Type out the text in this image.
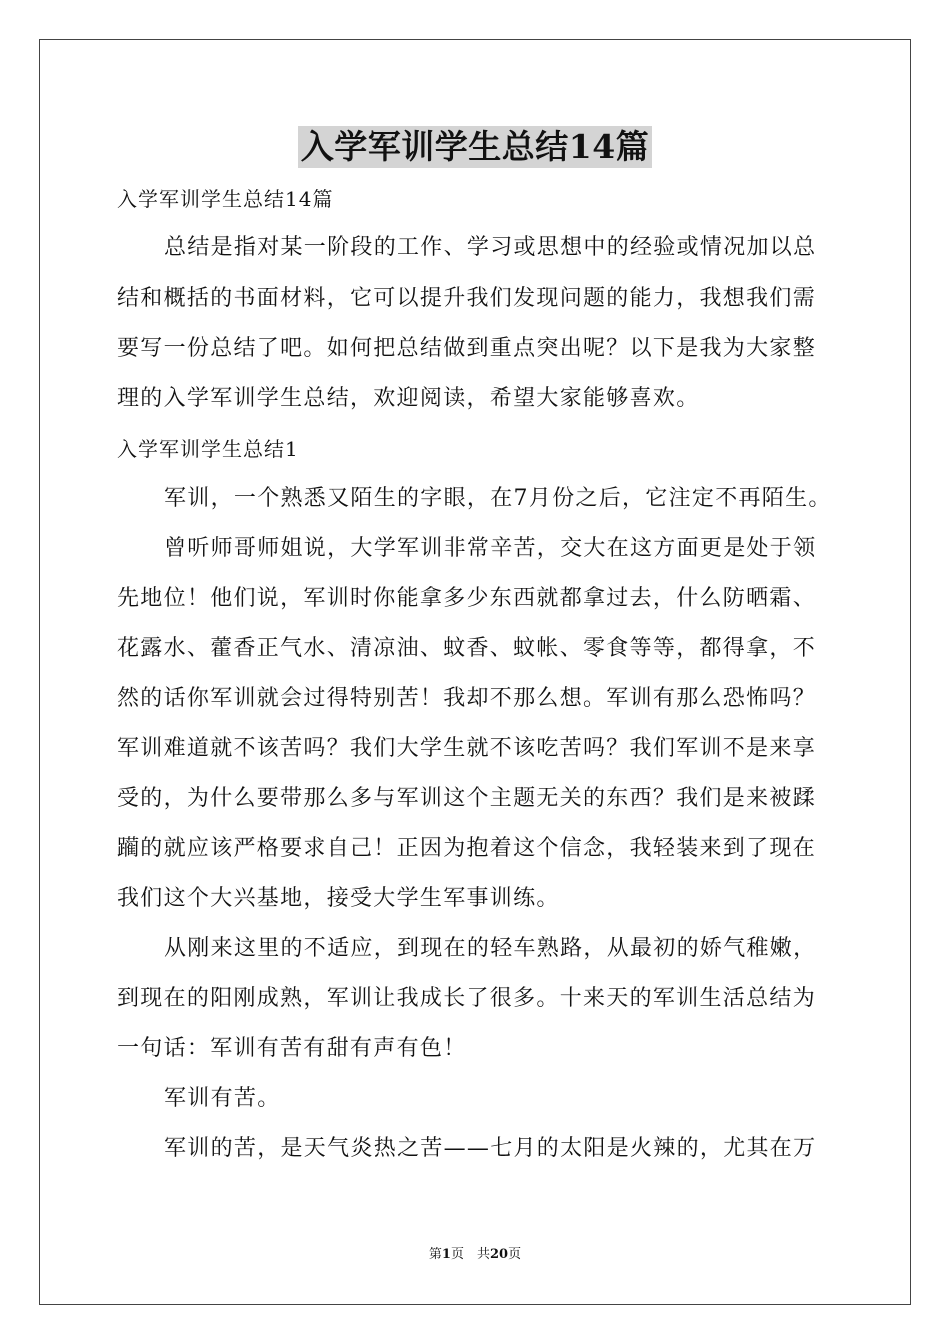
入学军训学生总结14篇
入学军训学生总结14篇
总结是指对某一阶段的工作、学习或思想中的经验或情况加以总
结和概括的书面材料，它可以提升我们发现问题的能力，我想我们需
要写一份总结了吧。如何把总结做到重点突出呢？以下是我为大家整
理的入学军训学生总结，欢迎阅读，希望大家能够喜欢。
入学军训学生总结1
军训，一个熟悉又陌生的字眼，在7月份之后，它注定不再陌生。
曾听师哥师姐说，大学军训非常辛苦，交大在这方面更是处于领
先地位！他们说，军训时你能拿多少东西就都拿过去，什么防晒霜、
花露水、藿香正气水、清凉油、蚊香、蚊帐、零食等等，都得拿，不
然的话你军训就会过得特别苦！我却不那么想。军训有那么恐怖吗？
军训难道就不该苦吗？我们大学生就不该吃苦吗？我们军训不是来享
受的，为什么要带那么多与军训这个主题无关的东西？我们是来被蹂
躏的就应该严格要求自己！正因为抱着这个信念，我轻装来到了现在
我们这个大兴基地，接受大学生军事训练。
从刚来这里的不适应，到现在的轻车熟路，从最初的娇气稚嫩，
到现在的阳刚成熟，军训让我成长了很多。十来天的军训生活总结为
一句话：军训有苦有甜有声有色！
军训有苦。
军训的苦，是天气炎热之苦——七月的太阳是火辣的，尤其在万
第1页　共20页
